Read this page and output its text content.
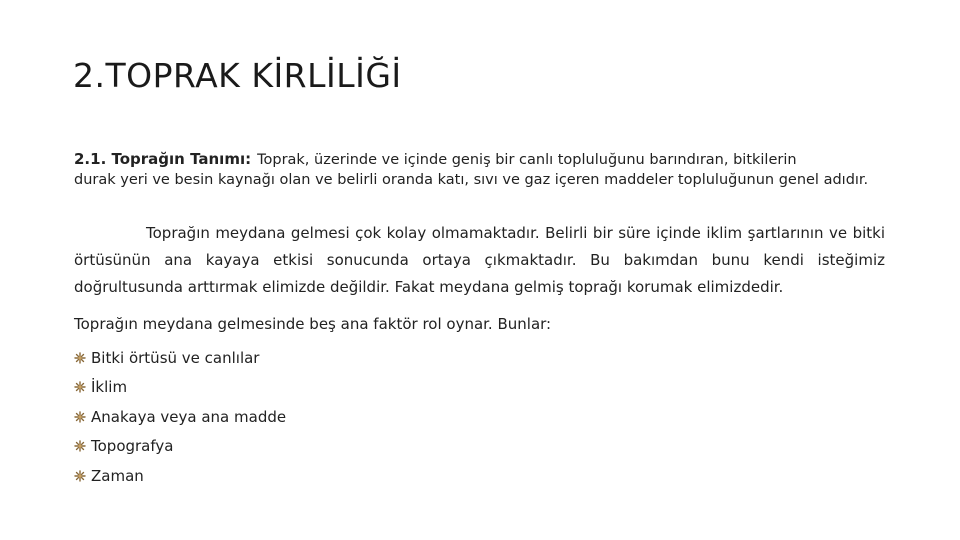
2.TOPRAK KİRLİLİĞİ
2.1. Toprağın Tanımı: Toprak, üzerinde ve içinde geniş bir canlı topluluğunu barındıran, bitkilerin
durak yeri ve besin kaynağı olan ve belirli oranda katı, sıvı ve gaz içeren maddeler topluluğunun genel adıdır.
Toprağın meydana gelmesi çok kolay olmamaktadır. Belirli bir süre içinde iklim şartlarının ve bitki örtüsünün ana kayaya etkisi sonucunda ortaya çıkmaktadır. Bu bakımdan bunu kendi isteğimiz doğrultusunda arttırmak elimizde değildir. Fakat meydana gelmiş toprağı korumak elimizdedir.
Toprağın meydana gelmesinde beş ana faktör rol oynar. Bunlar:
Bitki örtüsü ve canlılar
İklim
Anakaya veya ana madde
Topografya
Zaman
